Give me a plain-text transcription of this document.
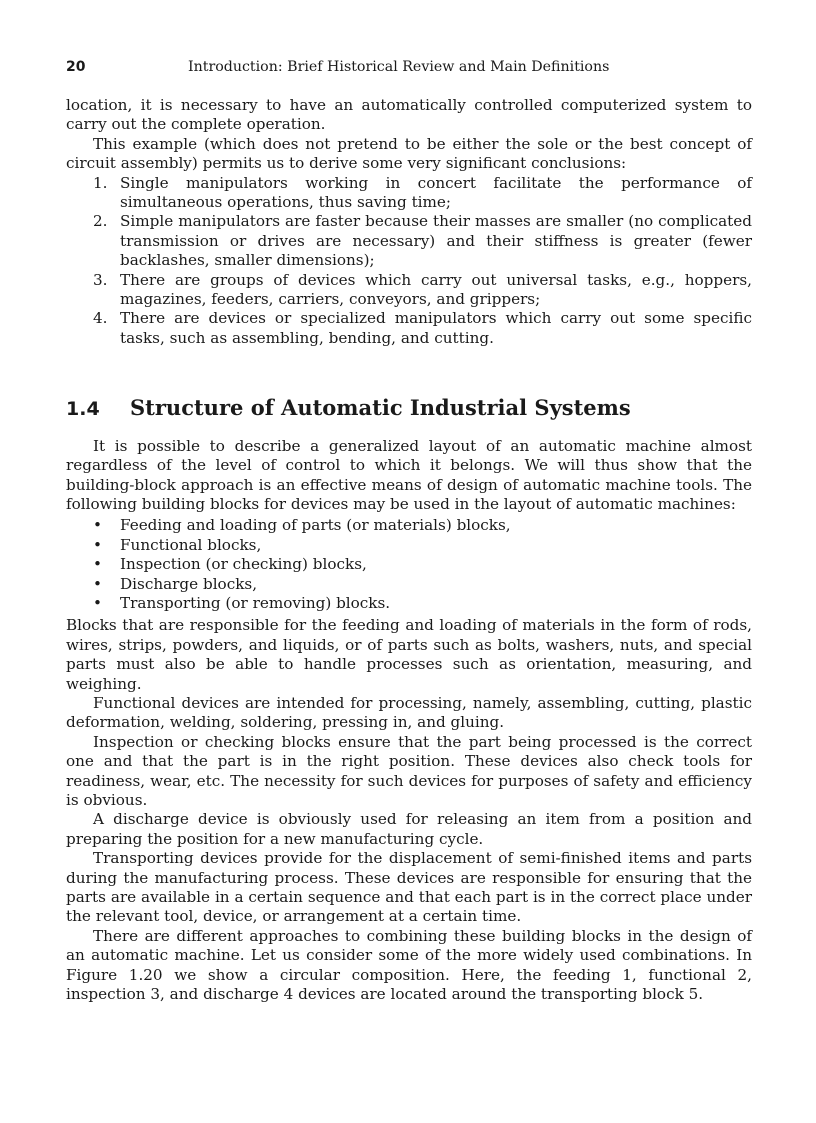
20	Introduction: Brief Historical Review and Main Definitions

location, it is necessary to have an automatically controlled computerized system to carry out the complete operation.

This example (which does not pretend to be either the sole or the best concept of circuit assembly) permits us to derive some very significant conclusions:

1. Single manipulators working in concert facilitate the performance of simultaneous operations, thus saving time;
2. Simple manipulators are faster because their masses are smaller (no complicated transmission or drives are necessary) and their stiffness is greater (fewer backlashes, smaller dimensions);
3. There are groups of devices which carry out universal tasks, e.g., hoppers, magazines, feeders, carriers, conveyors, and grippers;
4. There are devices or specialized manipulators which carry out some specific tasks, such as assembling, bending, and cutting.
1.4	Structure of Automatic Industrial Systems

It is possible to describe a generalized layout of an automatic machine almost regardless of the level of control to which it belongs. We will thus show that the building-block approach is an effective means of design of automatic machine tools. The following building blocks for devices may be used in the layout of automatic machines:

• Feeding and loading of parts (or materials) blocks,
• Functional blocks,
• Inspection (or checking) blocks,
• Discharge blocks,
• Transporting (or removing) blocks.

Blocks that are responsible for the feeding and loading of materials in the form of rods, wires, strips, powders, and liquids, or of parts such as bolts, washers, nuts, and special parts must also be able to handle processes such as orientation, measuring, and weighing.

Functional devices are intended for processing, namely, assembling, cutting, plastic deformation, welding, soldering, pressing in, and gluing.

Inspection or checking blocks ensure that the part being processed is the correct one and that the part is in the right position. These devices also check tools for readiness, wear, etc. The necessity for such devices for purposes of safety and efficiency is obvious.

A discharge device is obviously used for releasing an item from a position and preparing the position for a new manufacturing cycle.

Transporting devices provide for the displacement of semi-finished items and parts during the manufacturing process. These devices are responsible for ensuring that the parts are available in a certain sequence and that each part is in the correct place under the relevant tool, device, or arrangement at a certain time.

There are different approaches to combining these building blocks in the design of an automatic machine. Let us consider some of the more widely used combinations. In Figure 1.20 we show a circular composition. Here, the feeding 1, functional 2, inspection 3, and discharge 4 devices are located around the transporting block 5.
